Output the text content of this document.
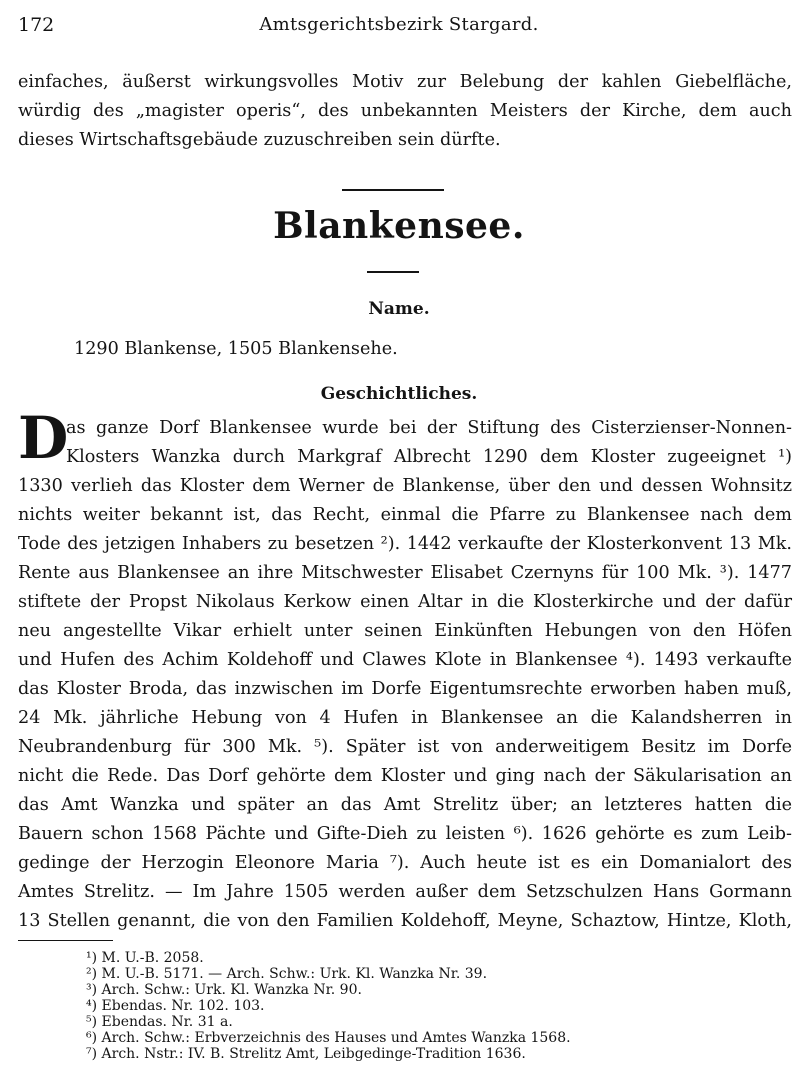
172	Amtsgerichtsbezirk Stargard.
einfaches, äußerst wirkungsvolles Motiv zur Belebung der kahlen Giebelfläche,
würdig des „magister operis“, des unbekannten Meisters der Kirche, dem auch
dieses Wirtschaftsgebäude zuzuschreiben sein dürfte.
Blankensee.
Name.
1290 Blankense, 1505 Blankensehe.
Geschichtliches.
D
as ganze Dorf Blankensee wurde bei der Stiftung des Cisterzienser-Nonnen-
Klosters Wanzka durch Markgraf Albrecht 1290 dem Kloster zugeeignet ¹)
1330 verlieh das Kloster dem Werner de Blankense, über den und dessen Wohnsitz
nichts weiter bekannt ist, das Recht, einmal die Pfarre zu Blankensee nach dem
Tode des jetzigen Inhabers zu besetzen ²). 1442 verkaufte der Klosterkonvent 13 Mk.
Rente aus Blankensee an ihre Mitschwester Elisabet Czernyns für 100 Mk. ³). 1477
stiftete der Propst Nikolaus Kerkow einen Altar in die Klosterkirche und der dafür
neu angestellte Vikar erhielt unter seinen Einkünften Hebungen von den Höfen
und Hufen des Achim Koldehoff und Clawes Klote in Blankensee ⁴). 1493 verkaufte
das Kloster Broda, das inzwischen im Dorfe Eigentumsrechte erworben haben muß,
24 Mk. jährliche Hebung von 4 Hufen in Blankensee an die Kalandsherren in
Neubrandenburg für 300 Mk. ⁵). Später ist von anderweitigem Besitz im Dorfe
nicht die Rede. Das Dorf gehörte dem Kloster und ging nach der Säkularisation an
das Amt Wanzka und später an das Amt Strelitz über; an letzteres hatten die
Bauern schon 1568 Pächte und Gifte-Dieh zu leisten ⁶). 1626 gehörte es zum Leib-
gedinge der Herzogin Eleonore Maria ⁷). Auch heute ist es ein Domanialort des
Amtes Strelitz. — Im Jahre 1505 werden außer dem Setzschulzen Hans Gormann
13 Stellen genannt, die von den Familien Koldehoff, Meyne, Schaztow, Hintze, Kloth,
¹) M. U.-B. 2058.
²) M. U.-B. 5171. — Arch. Schw.: Urk. Kl. Wanzka Nr. 39.
³) Arch. Schw.: Urk. Kl. Wanzka Nr. 90.
⁴) Ebendas. Nr. 102. 103.
⁵) Ebendas. Nr. 31 a.
⁶) Arch. Schw.: Erbverzeichnis des Hauses und Amtes Wanzka 1568.
⁷) Arch. Nstr.: IV. B. Strelitz Amt, Leibgedinge-Tradition 1636.
